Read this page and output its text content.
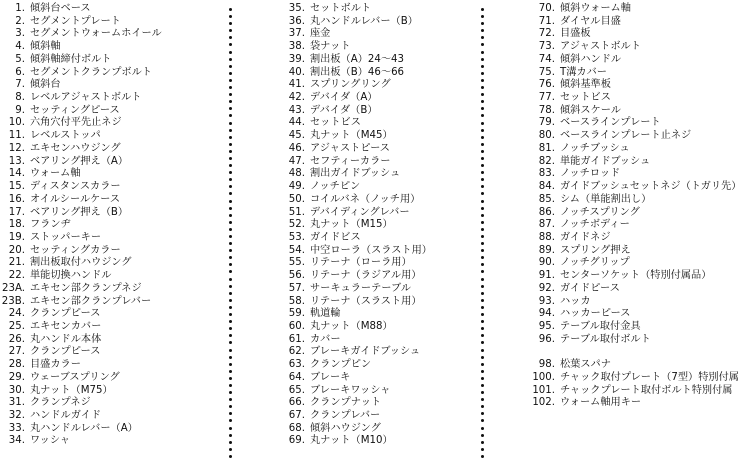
1. 傾斜台ベース
2. セグメントプレート
3. セグメントウォームホイール
4. 傾斜軸
5. 傾斜軸締付ボルト
6. セグメントクランプボルト
7. 傾斜台
8. レベルアジャストボルト
9. セッティングピース
10. 六角穴付平先止ネジ
11. レベルストッパ
12. エキセンハウジング
13. ベアリング押え（A）
14. ウォーム軸
15. ディスタンスカラー
16. オイルシールケース
17. ベアリング押え（B）
18. フランヂ
19. ストッパーキー
20. セッティングカラー
21. 割出板取付ハウジング
22. 単能切換ハンドル
23A. エキセン部クランプネジ
23B. エキセン部クランプレバー
24. クランプピース
25. エキセンカバー
26. 丸ハンドル本体
27. クランプピース
28. 目盛カラー
29. ウェーブスプリング
30. 丸ナット（M75）
31. クランプネジ
32. ハンドルガイド
33. 丸ハンドルレバー（A）
34. ワッシャ
35. セットボルト
36. 丸ハンドルレバー（B）
37. 座金
38. 袋ナット
39. 割出板（A）24〜43
40. 割出板（B）46〜66
41. スプリングリング
42. デバイダ（A）
43. デバイダ（B）
44. セットビス
45. 丸ナット（M45）
46. アジャストピース
47. セフティーカラー
48. 割出ガイドブッシュ
49. ノッチピン
50. コイルバネ（ノッチ用）
51. デバイディングレバー
52. 丸ナット（M15）
53. ガイドビス
54. 中空ローラ（スラスト用）
55. リテーナ（ローラ用）
56. リテーナ（ラジアル用）
57. サーキュラーテーブル
58. リテーナ（スラスト用）
59. 軌道輪
60. 丸ナット（M88）
61. カバー
62. ブレーキガイドブッシュ
63. クランプピン
64. ブレーキ
65. ブレーキワッシャ
66. クランプナット
67. クランプレバー
68. 傾斜ハウジング
69. 丸ナット（M10）
70. 傾斜ウォーム軸
71. ダイヤル目盛
72. 目盛板
73. アジャストボルト
74. 傾斜ハンドル
75. T溝カバー
76. 傾斜基準板
77. セットビス
78. 傾斜スケール
79. ベースラインプレート
80. ベースラインプレート止ネジ
81. ノッチブッシュ
82. 単能ガイドブッシュ
83. ノッチロッド
84. ガイドブッシュセットネジ（トガリ先）
85. シム（単能割出し）
86. ノッチスプリング
87. ノッチボディー
88. ガイドネジ
89. スプリング押え
90. ノッチグリップ
91. センターソケット（特別付属品）
92. ガイドピース
93. ハッカ
94. ハッカーピース
95. テーブル取付金具
96. テーブル取付ボルト
98. 松葉スパナ
100. チャック取付プレート（7型）特別付属
101. チャックプレート取付ボルト特別付属
102. ウォーム軸用キー
